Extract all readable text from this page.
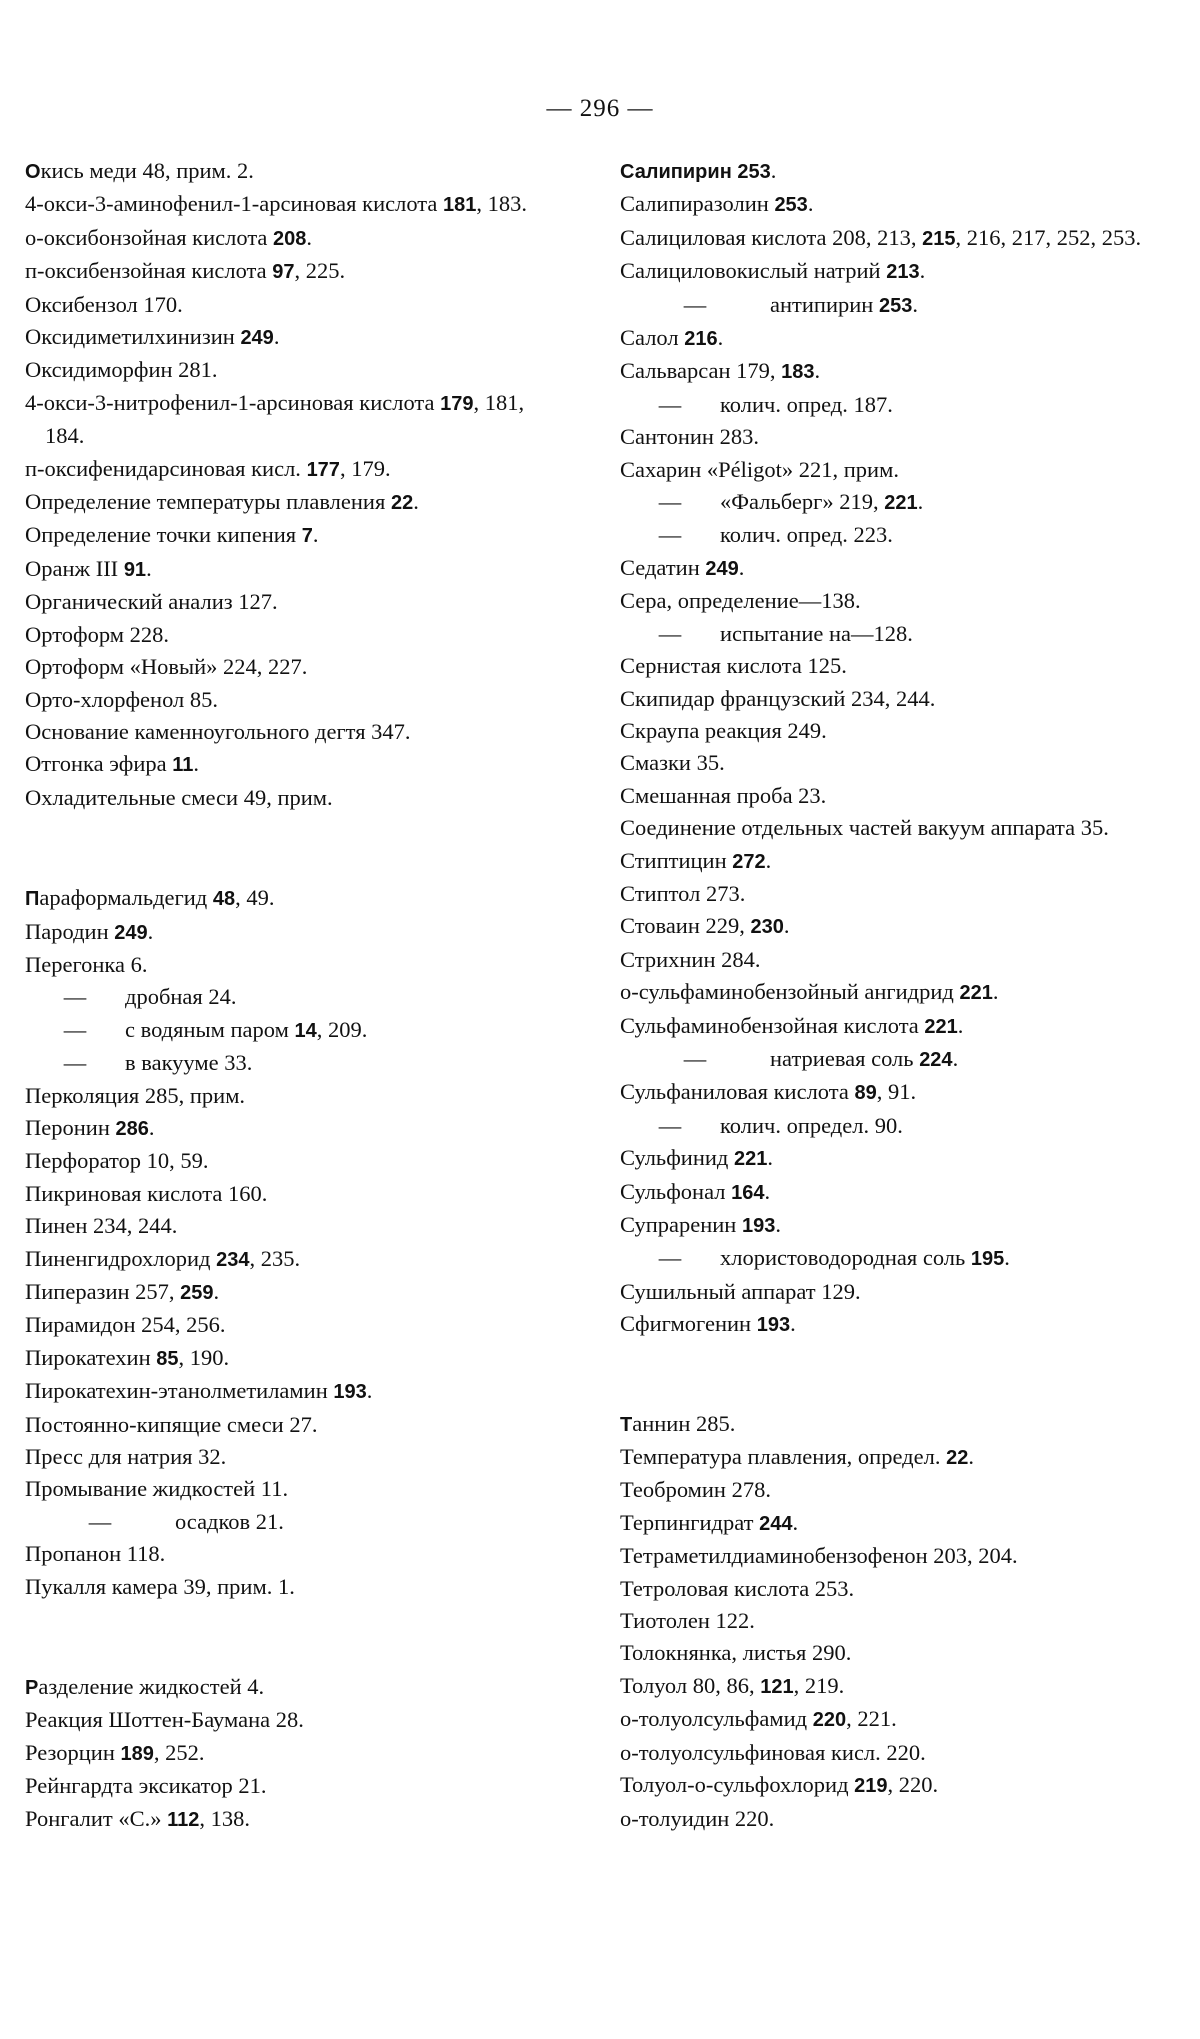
— 296 —
Окись меди 48, прим. 2.
4-окси-3-аминофенил-1-арсиновая кислота 181, 183.
о-оксибонзойная кислота 208.
п-оксибензойная кислота 97, 225.
Оксибензол 170.
Оксидиметилхинизин 249.
Оксидиморфин 281.
4-окси-3-нитрофенил-1-арсиновая кислота 179, 181, 184.
п-оксифенидарсиновая кисл. 177, 179.
Определение температуры плавления 22.
Определение точки кипения 7.
Оранж III 91.
Органический анализ 127.
Ортоформ 228.
Ортоформ «Новый» 224, 227.
Орто-хлорфенол 85.
Основание каменноугольного дегтя 347.
Отгонка эфира 11.
Охладительные смеси 49, прим.
Параформальдегид 48, 49.
Пародин 249.
Перегонка 6.
— дробная 24.
— с водяным паром 14, 209.
— в вакууме 33.
Перколяция 285, прим.
Перонин 286.
Перфоратор 10, 59.
Пикриновая кислота 160.
Пинен 234, 244.
Пиненгидрохлорид 234, 235.
Пиперазин 257, 259.
Пирамидон 254, 256.
Пирокатехин 85, 190.
Пирокатехин-этанолметиламин 193.
Постоянно-кипящие смеси 27.
Пресс для натрия 32.
Промывание жидкостей 11.
—	осадков 21.
Пропанон 118.
Пукалля камера 39, прим. 1.
Разделение жидкостей 4.
Реакция Шоттен-Баумана 28.
Резорцин 189, 252.
Рейнгардта эксикатор 21.
Ронгалит «С.» 112, 138.
Салипирин 253.
Салипиразолин 253.
Салициловая кислота 208, 213, 215, 216, 217, 252, 253.
Салициловокислый натрий 213.
—	антипирин 253.
Салол 216.
Сальварсан 179, 183.
— колич. опред. 187.
Сантонин 283.
Сахарин «Péligot» 221, прим.
— «Фальберг» 219, 221.
— колич. опред. 223.
Седатин 249.
Сера, определение—138.
— испытание на—128.
Сернистая кислота 125.
Скипидар французский 234, 244.
Скраупа реакция 249.
Смазки 35.
Смешанная проба 23.
Соединение отдельных частей вакуум аппарата 35.
Стиптицин 272.
Стиптол 273.
Стоваин 229, 230.
Стрихнин 284.
о-сульфаминобензойный ангидрид 221.
Сульфаминобензойная кислота 221.
—	натриевая соль 224.
Сульфаниловая кислота 89, 91.
— колич. определ. 90.
Сульфинид 221.
Сульфонал 164.
Супраренин 193.
— хлористоводородная соль 195.
Сушильный аппарат 129.
Сфигмогенин 193.
Таннин 285.
Температура плавления, определ. 22.
Теобромин 278.
Терпингидрат 244.
Тетраметилдиаминобензофенон 203, 204.
Тетроловая кислота 253.
Тиотолен 122.
Толокнянка, листья 290.
Толуол 80, 86, 121, 219.
о-толуолсульфамид 220, 221.
о-толуолсульфиновая кисл. 220.
Толуол-о-сульфохлорид 219, 220.
о-толуидин 220.
